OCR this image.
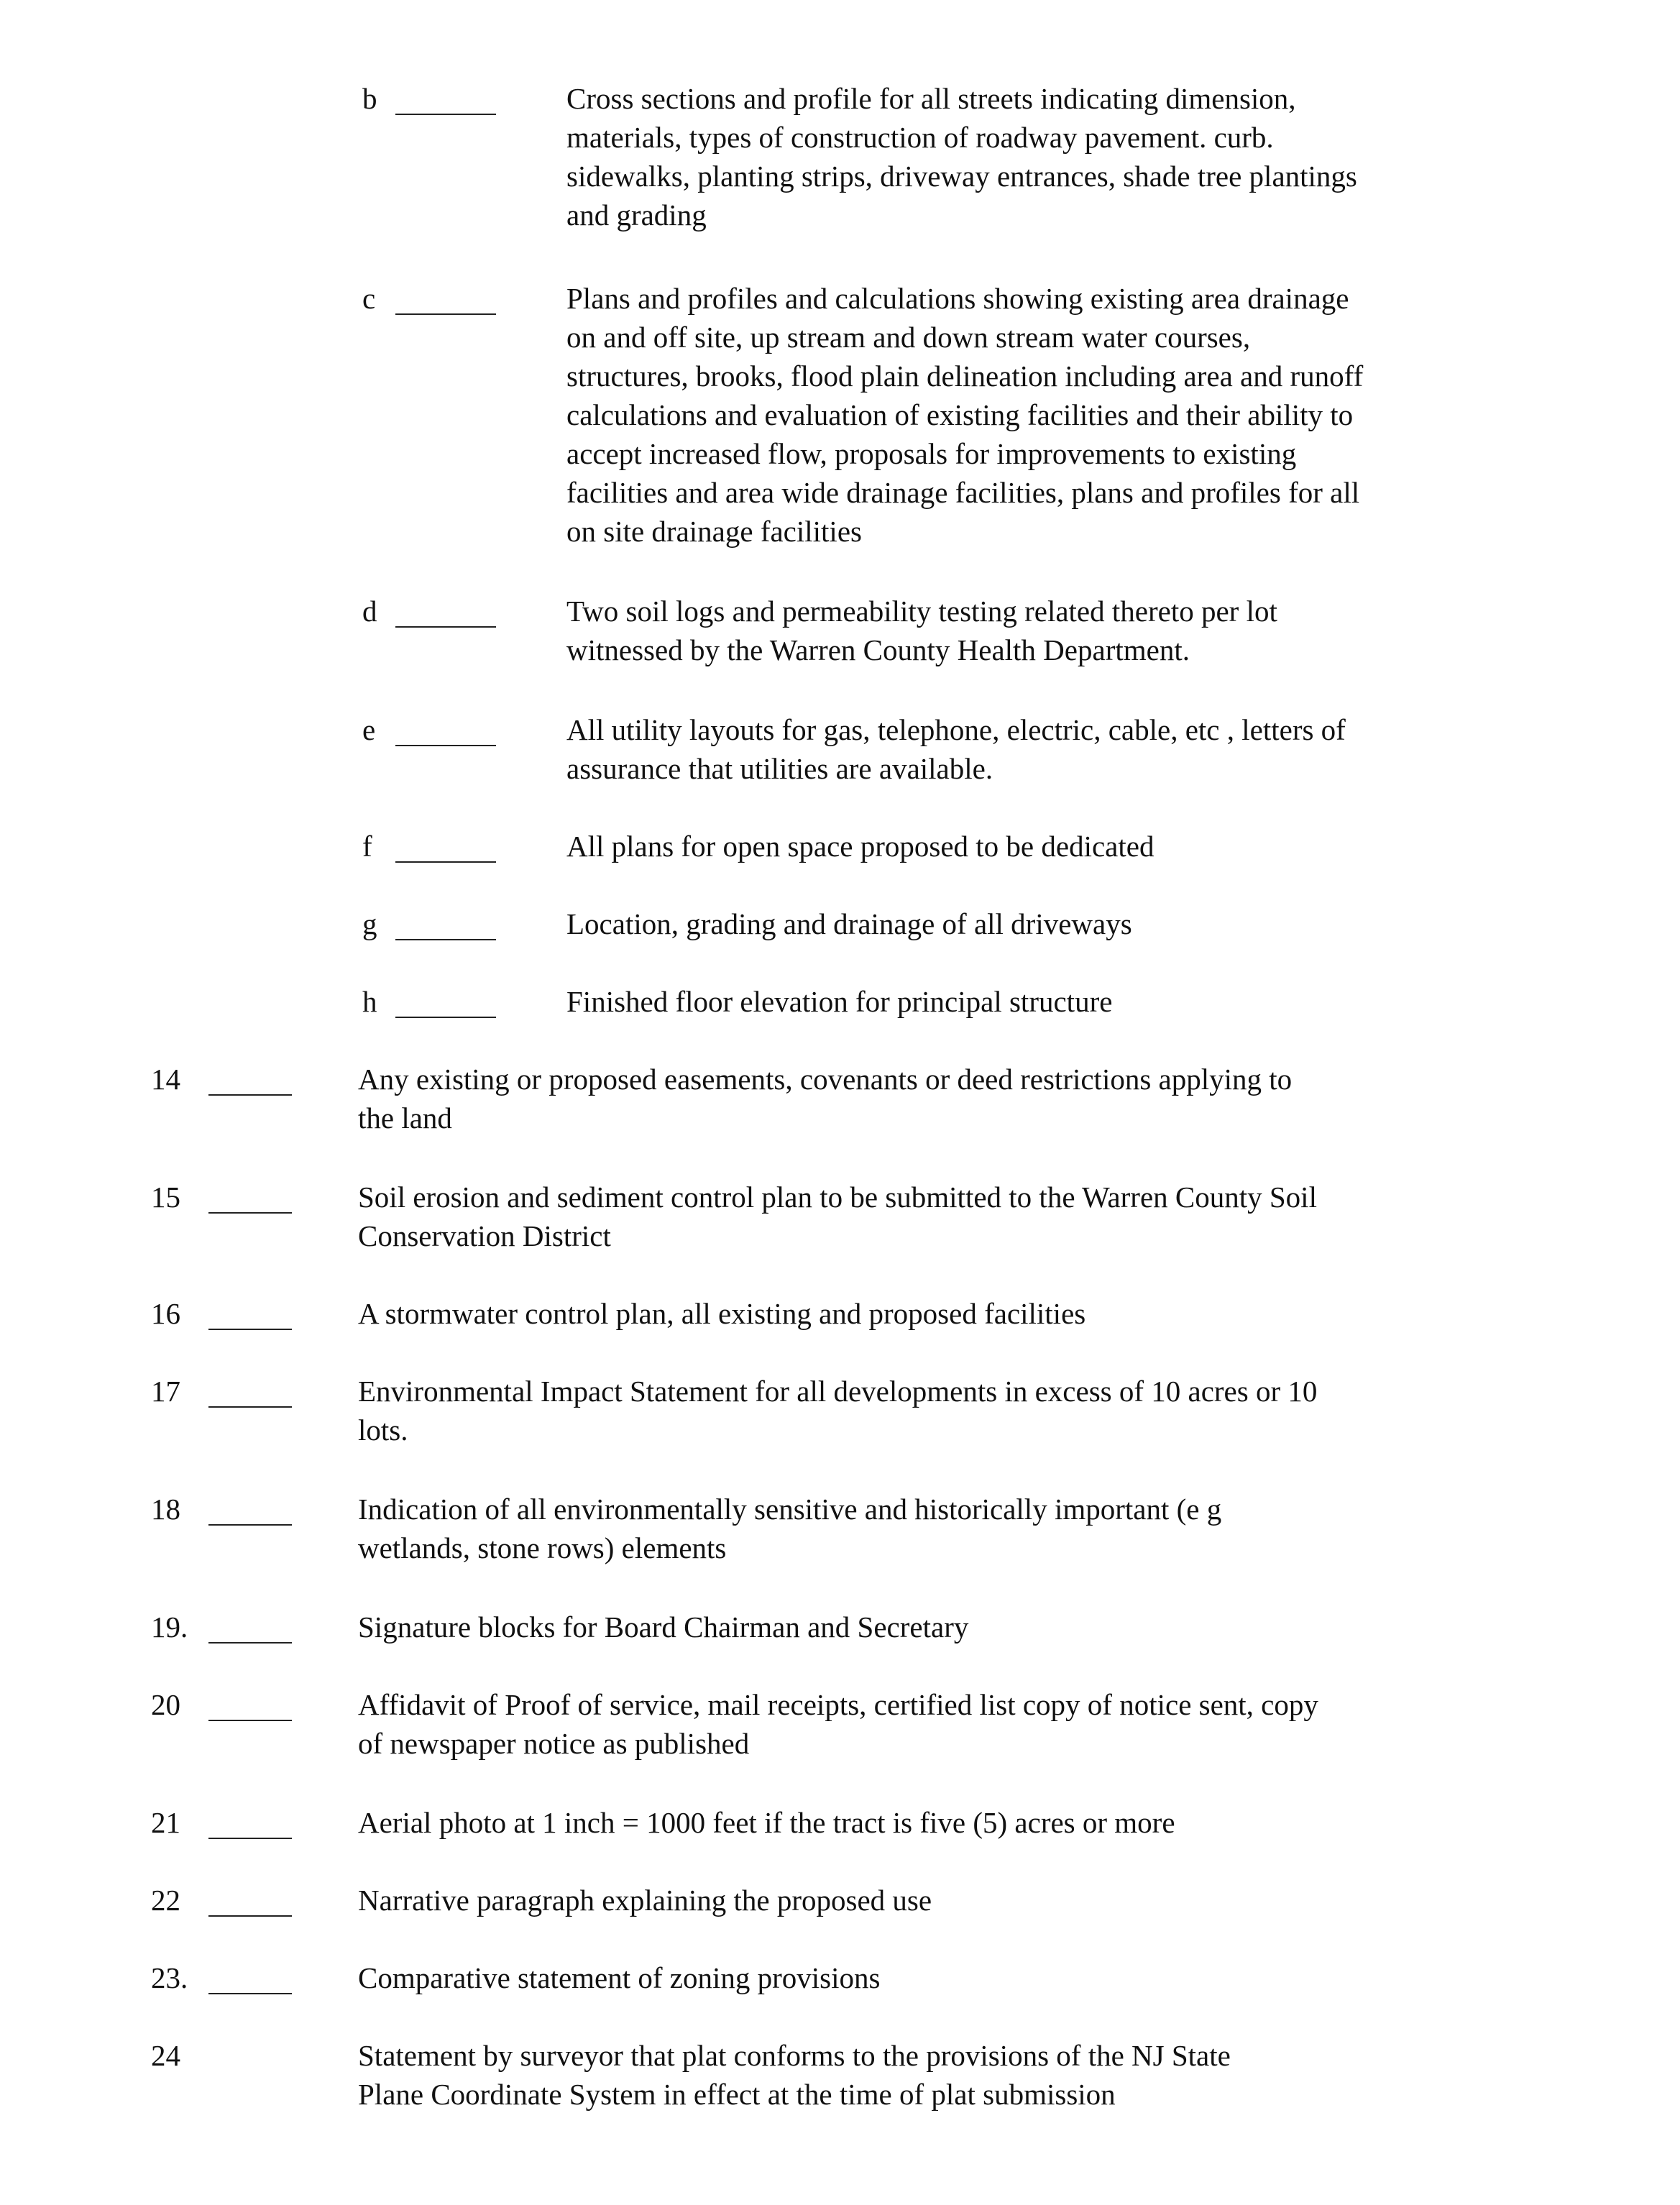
b	Cross sections and profile for all streets indicating dimension,
materials, types of construction of roadway pavement. curb.
sidewalks, planting strips, driveway entrances, shade tree plantings
and grading
c	Plans and profiles and calculations showing existing area drainage
on and off site, up stream and down stream water courses,
structures, brooks, flood plain delineation including area and runoff
calculations and evaluation of existing facilities and their ability to
accept increased flow, proposals for improvements to existing
facilities and area wide drainage facilities, plans and profiles for all
on site drainage facilities
d	Two soil logs and permeability testing related thereto per lot
witnessed by the Warren County Health Department.
e	All utility layouts for gas, telephone, electric, cable, etc , letters of
assurance that utilities are available.
f	All plans for open space proposed to be dedicated
g	Location, grading and drainage of all driveways
h	Finished floor elevation for principal structure
14	Any existing or proposed easements, covenants or deed restrictions applying to
the land
15	Soil erosion and sediment control plan to be submitted to the Warren County Soil
Conservation District
16	A stormwater control plan, all existing and proposed facilities
17	Environmental Impact Statement for all developments in excess of 10 acres or 10
lots.
18	Indication of all environmentally sensitive and historically important (e g
wetlands, stone rows) elements
19.	Signature blocks for Board Chairman and Secretary
20	Affidavit of Proof of service, mail receipts, certified list copy of notice sent, copy
of newspaper notice as published
21	Aerial photo at 1 inch = 1000 feet if the tract is five (5) acres or more
22	Narrative paragraph explaining the proposed use
23.	Comparative statement of zoning provisions
24	Statement by surveyor that plat conforms to the provisions of the NJ State
Plane Coordinate System in effect at the time of plat submission
